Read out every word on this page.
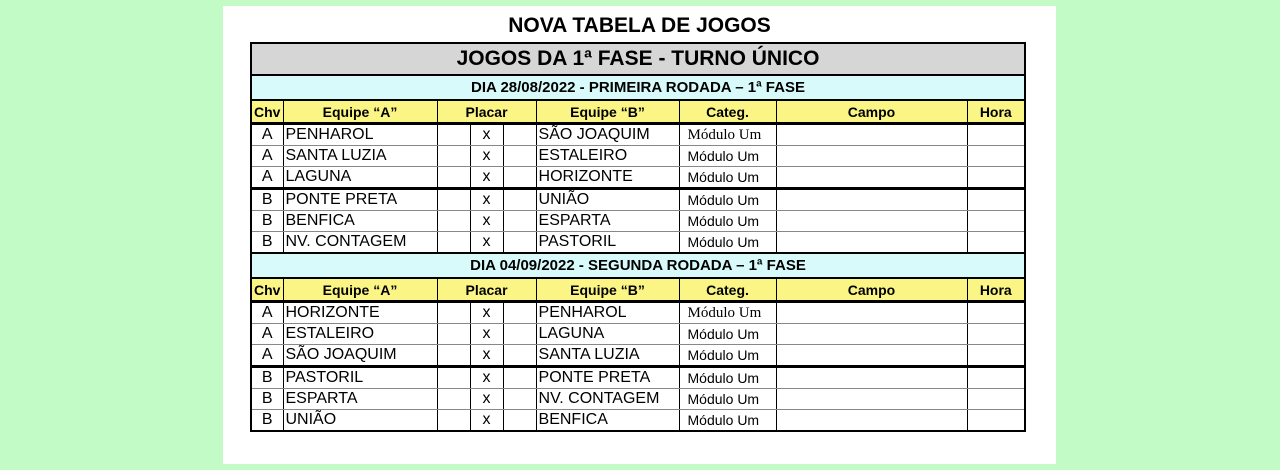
NOVA TABELA DE JOGOS
JOGOS DA 1ª FASE - TURNO ÚNICO
DIA 28/08/2022 - PRIMEIRA RODADA – 1ª FASE
Chv	Equipe “A”	Placar			Equipe “B”	Categ.	Campo	Hora
A	PENHAROL		x		SÃO JOAQUIM	Módulo Um		
A	SANTA LUZIA		x		ESTALEIRO	Módulo Um		
A	LAGUNA		x		HORIZONTE	Módulo Um		
B	PONTE PRETA		x		UNIÃO	Módulo Um		
B	BENFICA		x		ESPARTA	Módulo Um		
B	NV. CONTAGEM		x		PASTORIL	Módulo Um		
DIA 04/09/2022 - SEGUNDA RODADA – 1ª FASE
Chv	Equipe “A”	Placar			Equipe “B”	Categ.	Campo	Hora
A	HORIZONTE		x		PENHAROL	Módulo Um		
A	ESTALEIRO		x		LAGUNA	Módulo Um		
A	SÃO JOAQUIM		x		SANTA LUZIA	Módulo Um		
B	PASTORIL		x		PONTE PRETA	Módulo Um		
B	ESPARTA		x		NV. CONTAGEM	Módulo Um		
B	UNIÃO		x		BENFICA	Módulo Um		
